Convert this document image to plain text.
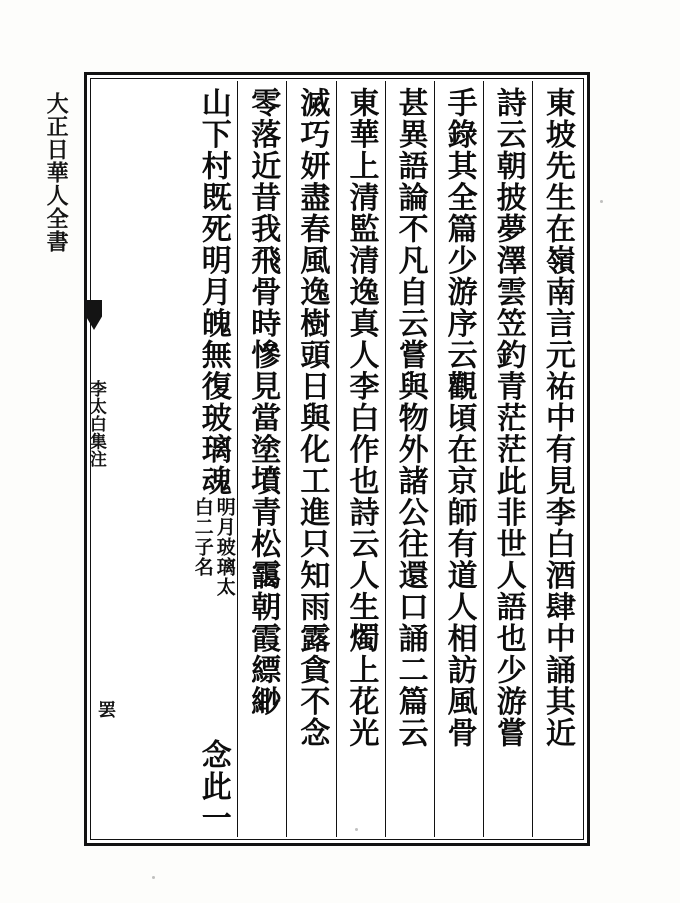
大正日華人全書	東坡先生在嶺南言元祐中有見李白酒肆中誦其近
詩云朝披夢澤雲笠釣青茫茫此非世人語也少游嘗
手錄其全篇少游序云觀頃在京師有道人相訪風骨
甚異語論不凡自云嘗與物外諸公往還口誦二篇云
東華上清監清逸真人李白作也詩云人生燭上花光
滅巧妍盡春風逸樹頭日與化工進只知雨露貪不念
零落近昔我飛骨時慘見當塗墳青松靄朝霞縹緲
山下村既死明月魄無復玻璃魂
明月玻璃太
白二子名
念此一
李太白集注
罢
